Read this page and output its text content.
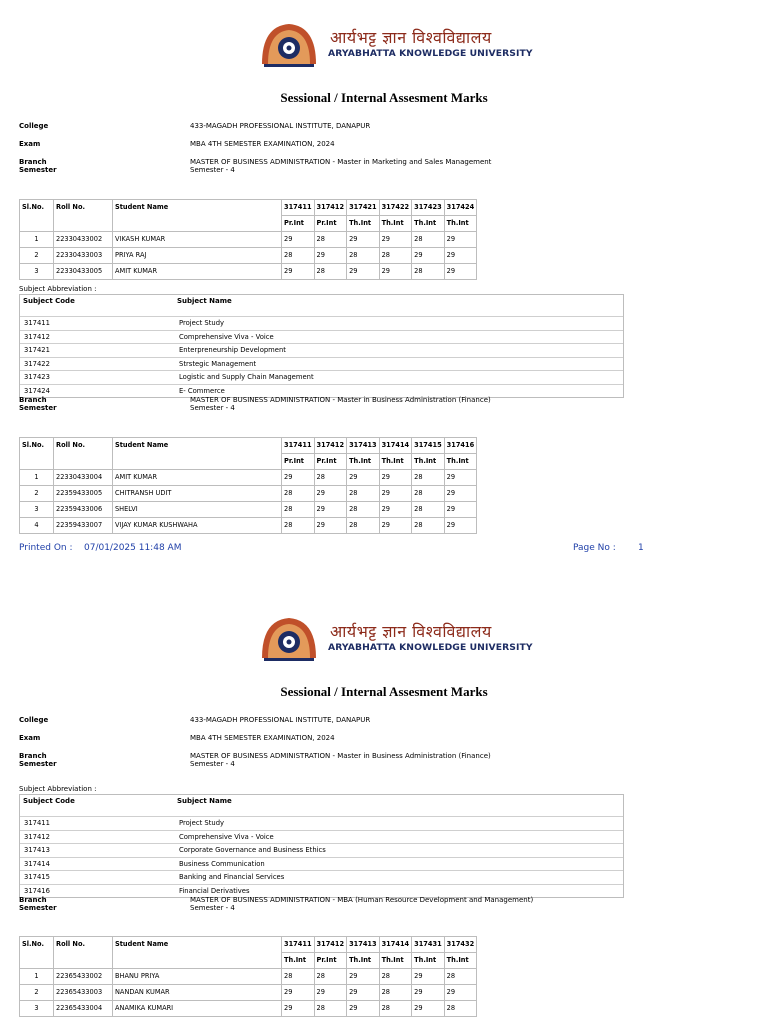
आर्यभट्ट ज्ञान विश्वविद्यालय
ARYABHATTA KNOWLEDGE UNIVERSITY
Sessional / Internal Assesment Marks
College	433-MAGADH PROFESSIONAL INSTITUTE, DANAPUR
Exam	MBA 4TH SEMESTER EXAMINATION, 2024
Branch
Semester
MASTER OF BUSINESS ADMINISTRATION - Master in Marketing and Sales Management
Semester - 4
Sl.No.	Roll No.	Student Name	317411	317412	317421	317422	317423	317424
			Pr.Int	Pr.Int	Th.Int	Th.Int	Th.Int	Th.Int
1	22330433002	VIKASH KUMAR	29	28	29	29	28	29
2	22330433003	PRIYA RAJ	28	29	28	28	29	29
3	22330433005	AMIT KUMAR	29	28	29	29	28	29
Subject Abbreviation :
Subject Code	Subject Name
317411	Project Study
317412	Comprehensive Viva - Voice
317421	Enterpreneurship Development
317422	Strstegic Management
317423	Logistic and Supply Chain Management
317424	E- Commerce
Branch
Semester
MASTER OF BUSINESS ADMINISTRATION - Master in Business Administration (Finance)
Semester - 4
Sl.No.	Roll No.	Student Name	317411	317412	317413	317414	317415	317416
			Pr.Int	Pr.Int	Th.Int	Th.Int	Th.Int	Th.Int
1	22330433004	AMIT KUMAR	29	28	29	29	28	29
2	22359433005	CHITRANSH UDIT	28	29	28	29	28	29
3	22359433006	SHELVI	28	29	28	29	28	29
4	22359433007	VIJAY KUMAR KUSHWAHA	28	29	28	29	28	29
Printed On : 07/01/2025 11:48 AM	Page No : 1
आर्यभट्ट ज्ञान विश्वविद्यालय
ARYABHATTA KNOWLEDGE UNIVERSITY
Sessional / Internal Assesment Marks
College	433-MAGADH PROFESSIONAL INSTITUTE, DANAPUR
Exam	MBA 4TH SEMESTER EXAMINATION, 2024
Branch
Semester
MASTER OF BUSINESS ADMINISTRATION - Master in Business Administration (Finance)
Semester - 4
Subject Abbreviation :
Subject Code	Subject Name
317411	Project Study
317412	Comprehensive Viva - Voice
317413	Corporate Governance and Business Ethics
317414	Business Communication
317415	Banking and Financial Services
317416	Financial Derivatives
Branch
Semester
MASTER OF BUSINESS ADMINISTRATION - MBA (Human Resource Development and Management)
Semester - 4
Sl.No.	Roll No.	Student Name	317411	317412	317413	317414	317431	317432
			Th.Int	Pr.Int	Th.Int	Th.Int	Th.Int	Th.Int
1	22365433002	BHANU PRIYA	28	28	29	28	29	28
2	22365433003	NANDAN KUMAR	29	29	29	28	29	29
3	22365433004	ANAMIKA KUMARI	29	28	29	28	29	28
